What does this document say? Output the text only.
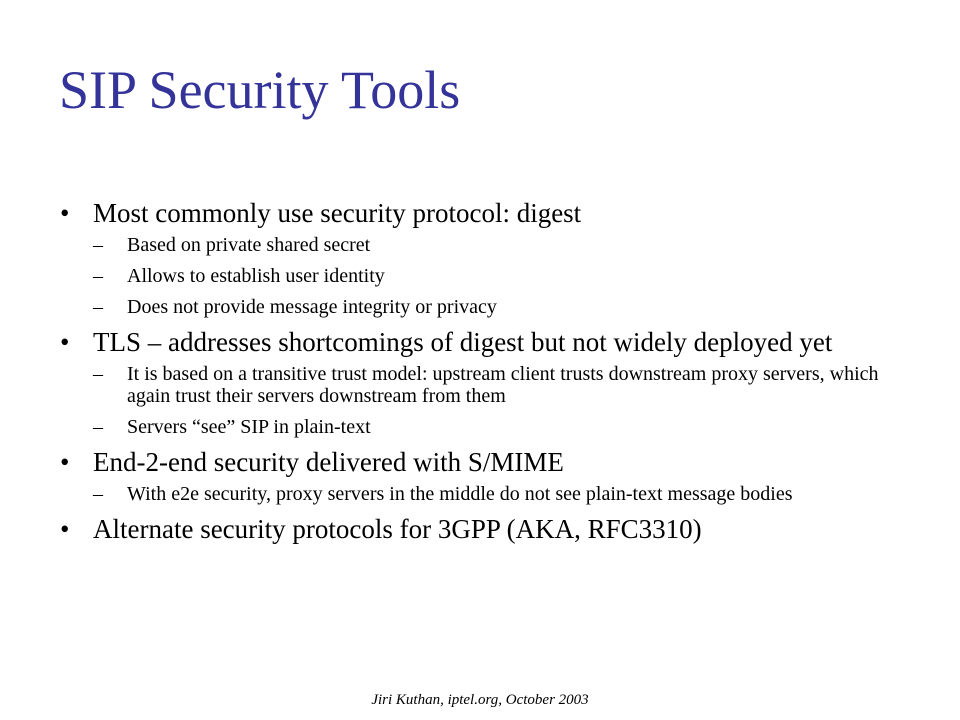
SIP Security Tools
• Most commonly use security protocol: digest
– Based on private shared secret
– Allows to establish user identity
– Does not provide message integrity or privacy
• TLS – addresses shortcomings of digest but not widely deployed yet
– It is based on a transitive trust model: upstream client trusts downstream proxy servers, which again trust their servers downstream from them
– Servers “see” SIP in plain-text
• End-2-end security delivered with S/MIME
– With e2e security, proxy servers in the middle do not see plain-text message bodies
• Alternate security protocols for 3GPP (AKA, RFC3310)
Jiri Kuthan, iptel.org, October 2003
